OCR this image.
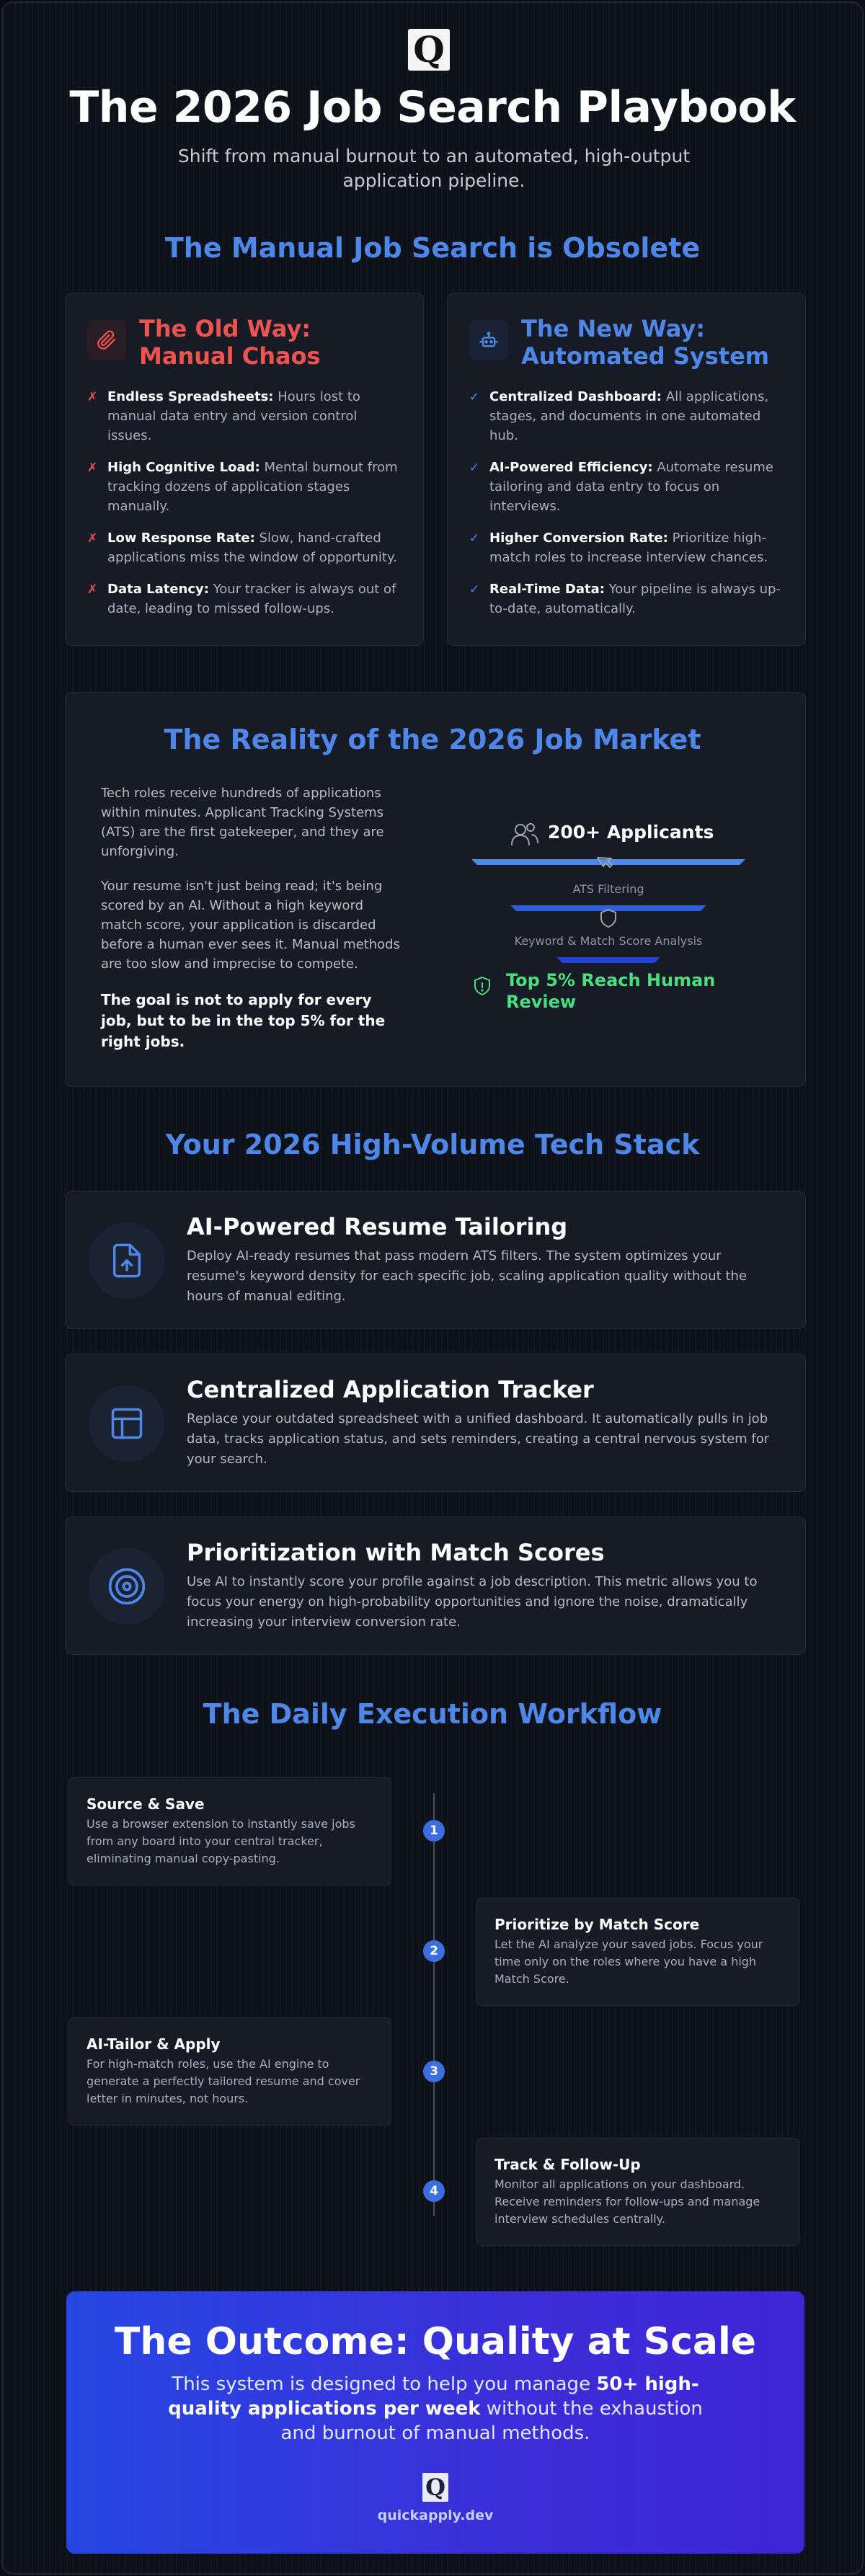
Q
The 2026 Job Search Playbook

Shift from manual burnout to an automated, high-output application pipeline.

The Manual Job Search is Obsolete
The Old Way: Manual Chaos
✗ Endless Spreadsheets: Hours lost to manual data entry and version control issues.
✗ High Cognitive Load: Mental burnout from tracking dozens of application stages manually.
✗ Low Response Rate: Slow, hand-crafted applications miss the window of opportunity.
✗ Data Latency: Your tracker is always out of date, leading to missed follow-ups.
The New Way: Automated System
✓ Centralized Dashboard: All applications, stages, and documents in one automated hub.
✓ AI-Powered Efficiency: Automate resume tailoring and data entry to focus on interviews.
✓ Higher Conversion Rate: Prioritize high-match roles to increase interview chances.
✓ Real-Time Data: Your pipeline is always up-to-date, automatically.
The Reality of the 2026 Job Market

Tech roles receive hundreds of applications within minutes. Applicant Tracking Systems (ATS) are the first gatekeeper, and they are unforgiving.

Your resume isn't just being read; it's being scored by an AI. Without a high keyword match score, your application is discarded before a human ever sees it. Manual methods are too slow and imprecise to compete.

The goal is not to apply for every job, but to be in the top 5% for the right jobs.

200+ Applicants
ATS Filtering
Keyword & Match Score Analysis
Top 5% Reach Human
Review
Your 2026 High-Volume Tech Stack
AI-Powered Resume Tailoring
Deploy AI-ready resumes that pass modern ATS filters. The system optimizes your resume's keyword density for each specific job, scaling application quality without the hours of manual editing.
Centralized Application Tracker
Replace your outdated spreadsheet with a unified dashboard. It automatically pulls in job data, tracks application status, and sets reminders, creating a central nervous system for your search.
Prioritization with Match Scores
Use AI to instantly score your profile against a job description. This metric allows you to focus your energy on high-probability opportunities and ignore the noise, dramatically increasing your interview conversion rate.
The Daily Execution Workflow
Source & Save
Use a browser extension to instantly save jobs from any board into your central tracker, eliminating manual copy-pasting.
1
Prioritize by Match Score
Let the AI analyze your saved jobs. Focus your time only on the roles where you have a high Match Score.
2
AI-Tailor & Apply
For high-match roles, use the AI engine to generate a perfectly tailored resume and cover letter in minutes, not hours.
3
Track & Follow-Up
Monitor all applications on your dashboard. Receive reminders for follow-ups and manage interview schedules centrally.
4
The Outcome: Quality at Scale

This system is designed to help you manage 50+ high-quality applications per week without the exhaustion and burnout of manual methods.

Q
quickapply.dev
